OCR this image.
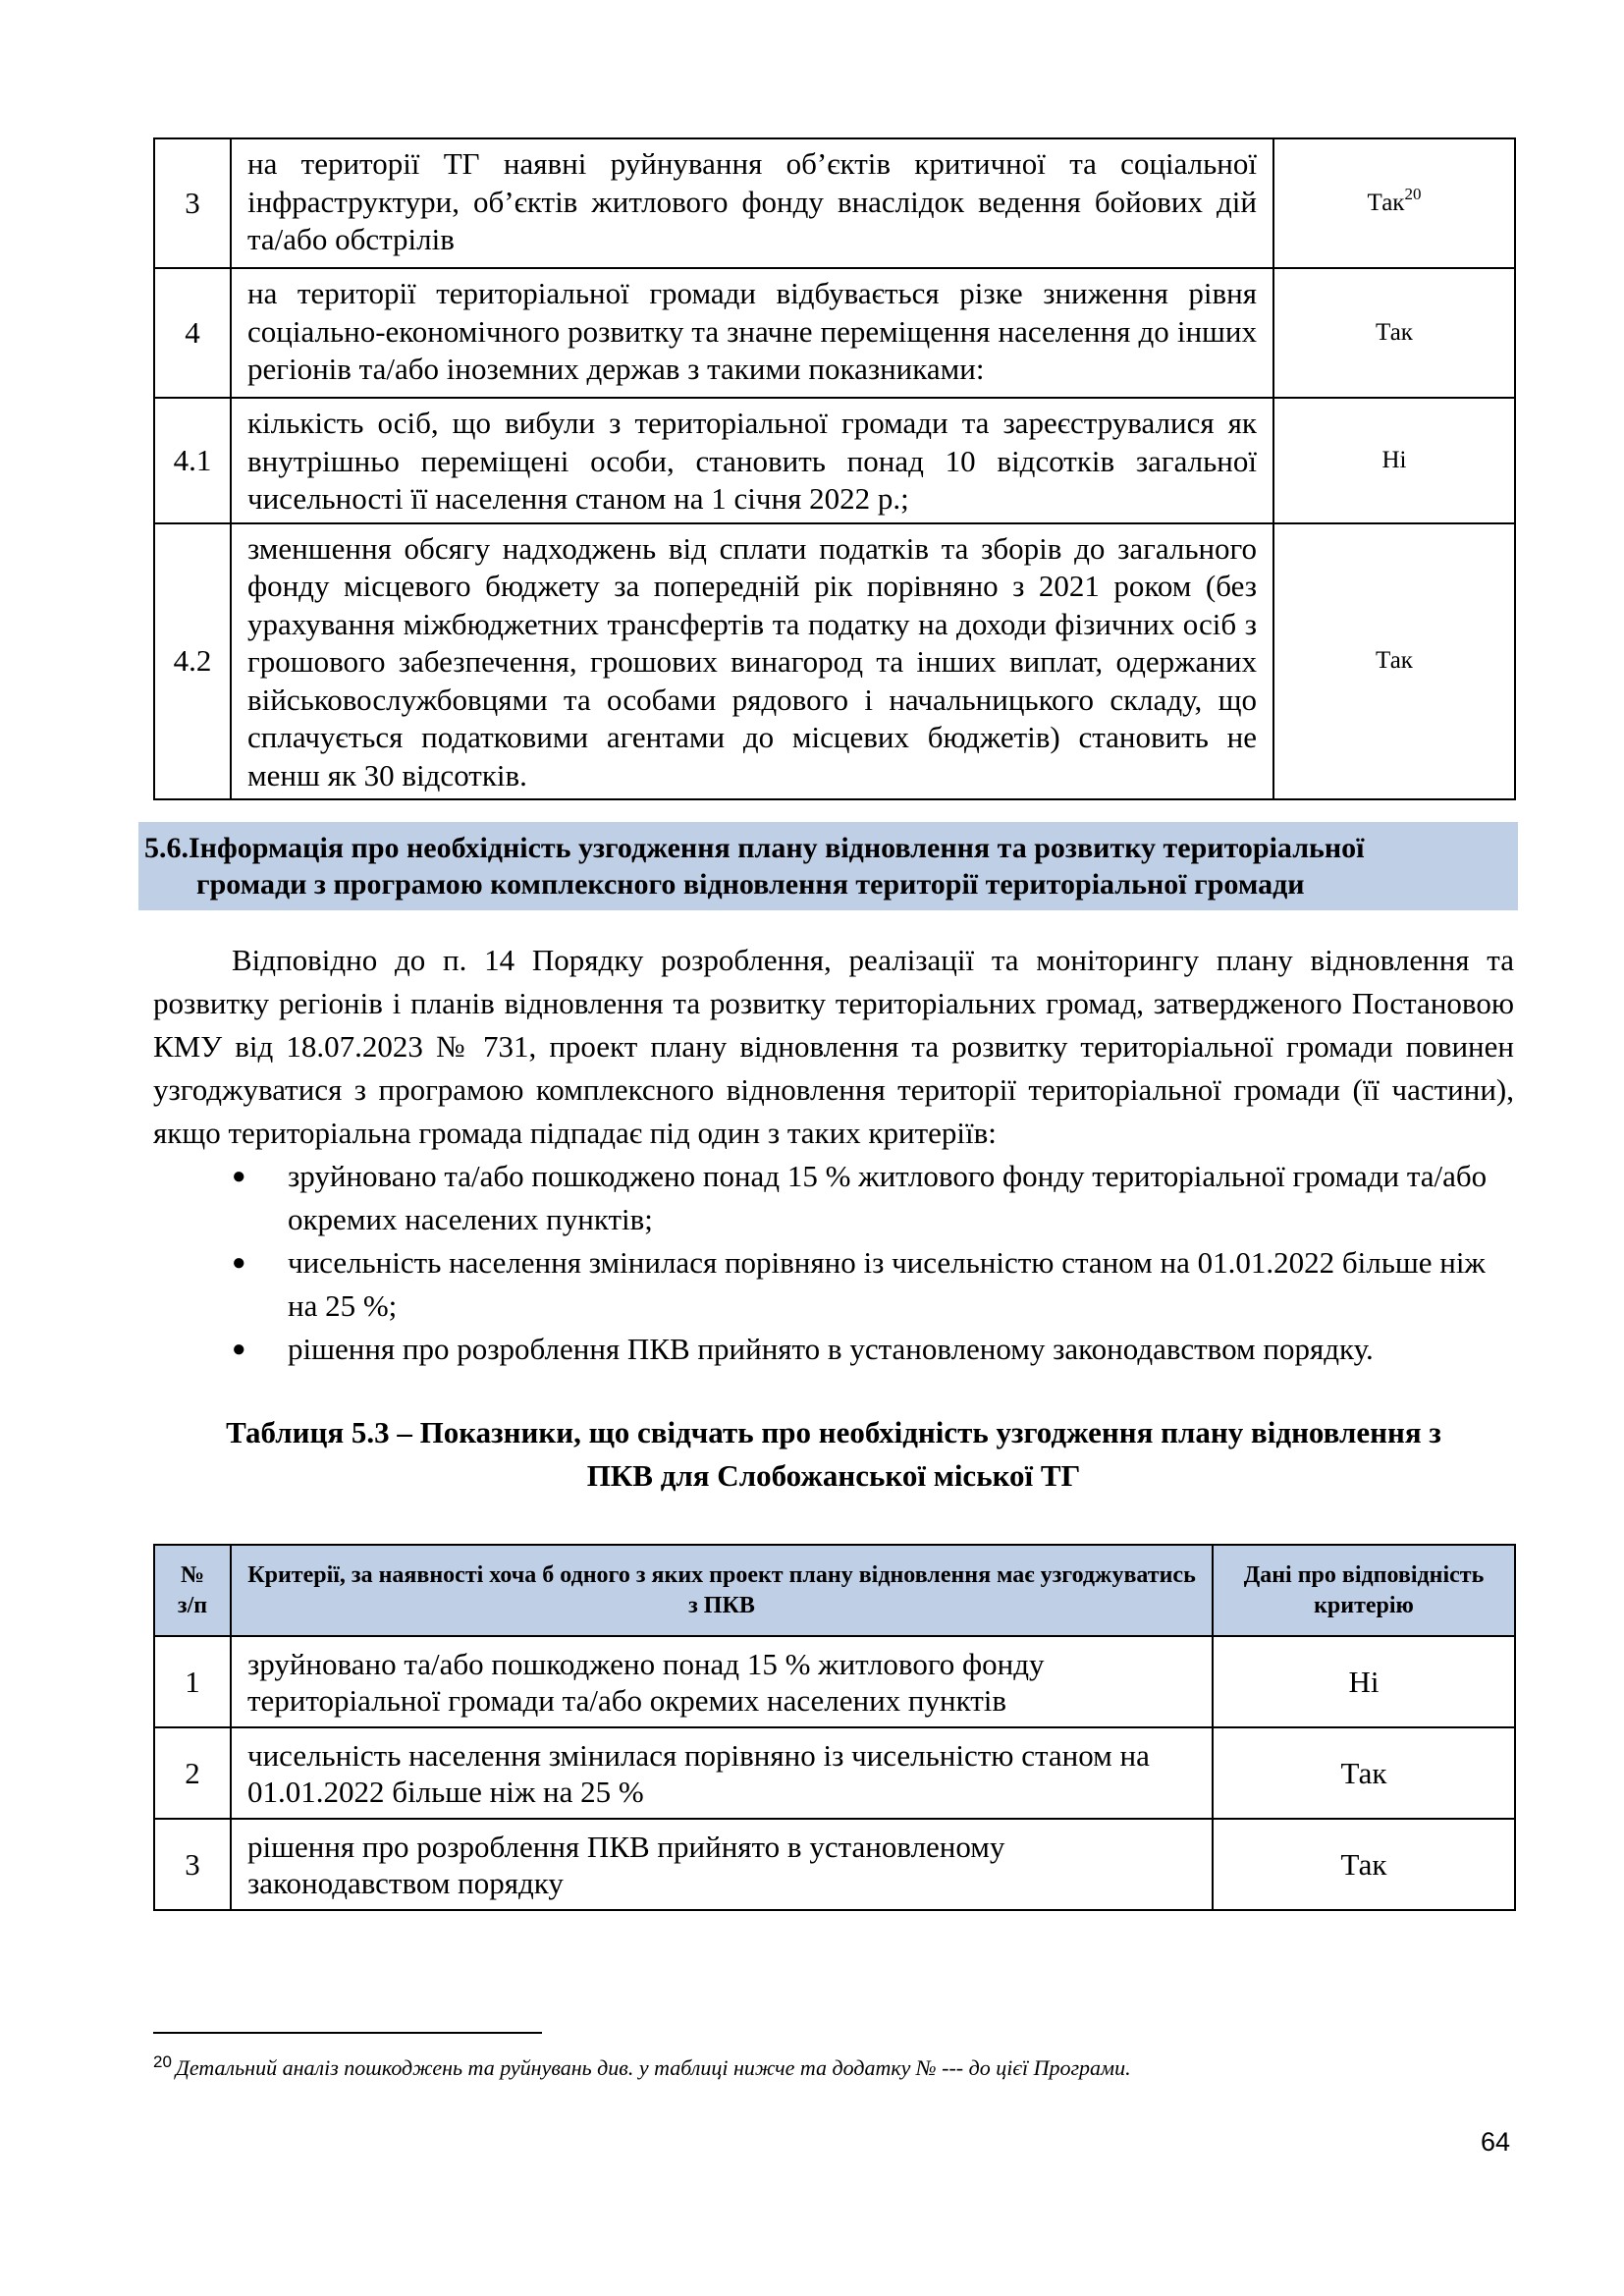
3	на території ТГ наявні руйнування об’єктів критичної та соціальної інфраструктури, об’єктів житлового фонду внаслідок ведення бойових дій та/або обстрілів	Так$^{20}$
4	на території територіальної громади відбувається різке зниження рівня соціально-економічного розвитку та значне переміщення населення до інших регіонів та/або іноземних держав з такими показниками:	Так
4.1	кількість осіб, що вибули з територіальної громади та зареєструвалися як внутрішньо переміщені особи, становить понад 10 відсотків загальної чисельності її населення станом на 1 січня 2022 р.;	Ні
4.2	зменшення обсягу надходжень від сплати податків та зборів до загального фонду місцевого бюджету за попередній рік порівняно з 2021 роком (без урахування міжбюджетних трансфертів та податку на доходи фізичних осіб з грошового забезпечення, грошових винагород та інших виплат, одержаних військовослужбовцями та особами рядового і начальницького складу, що сплачується податковими агентами до місцевих бюджетів) становить не менш як 30 відсотків.	Так
5.6.Інформація про необхідність узгодження плану відновлення та розвитку територіальної
громади з програмою комплексного відновлення території територіальної громади

Відповідно до п. 14 Порядку розроблення, реалізації та моніторингу плану відновлення та розвитку регіонів і планів відновлення та розвитку територіальних громад, затвердженого Постановою КМУ від 18.07.2023 № 731, проект плану відновлення та розвитку територіальної громади повинен узгоджуватися з програмою комплексного відновлення території територіальної громади (її частини), якщо територіальна громада підпадає під один з таких критеріїв:

● зруйновано та/або пошкоджено понад 15 % житлового фонду територіальної громади та/або окремих населених пунктів;
● чисельність населення змінилася порівняно із чисельністю станом на 01.01.2022 більше ніж на 25 %;
● рішення про розроблення ПКВ прийнято в установленому законодавством порядку.
Таблиця 5.3 – Показники, що свідчать про необхідність узгодження плану відновлення з
ПКВ для Слобожанської міської ТГ
№
з/п	Критерії, за наявності хоча б одного з яких проект плану відновлення має узгоджуватись з ПКВ	Дані про відповідність критерію
1	зруйновано та/або пошкоджено понад 15 % житлового фонду територіальної громади та/або окремих населених пунктів	Ні
2	чисельність населення змінилася порівняно із чисельністю станом на 01.01.2022 більше ніж на 25 %	Так
3	рішення про розроблення ПКВ прийнято в установленому законодавством порядку	Так
$^{20}$ Детальний аналіз пошкоджень та руйнувань див. у таблиці нижче та додатку № --- до цієї Програми.
64
